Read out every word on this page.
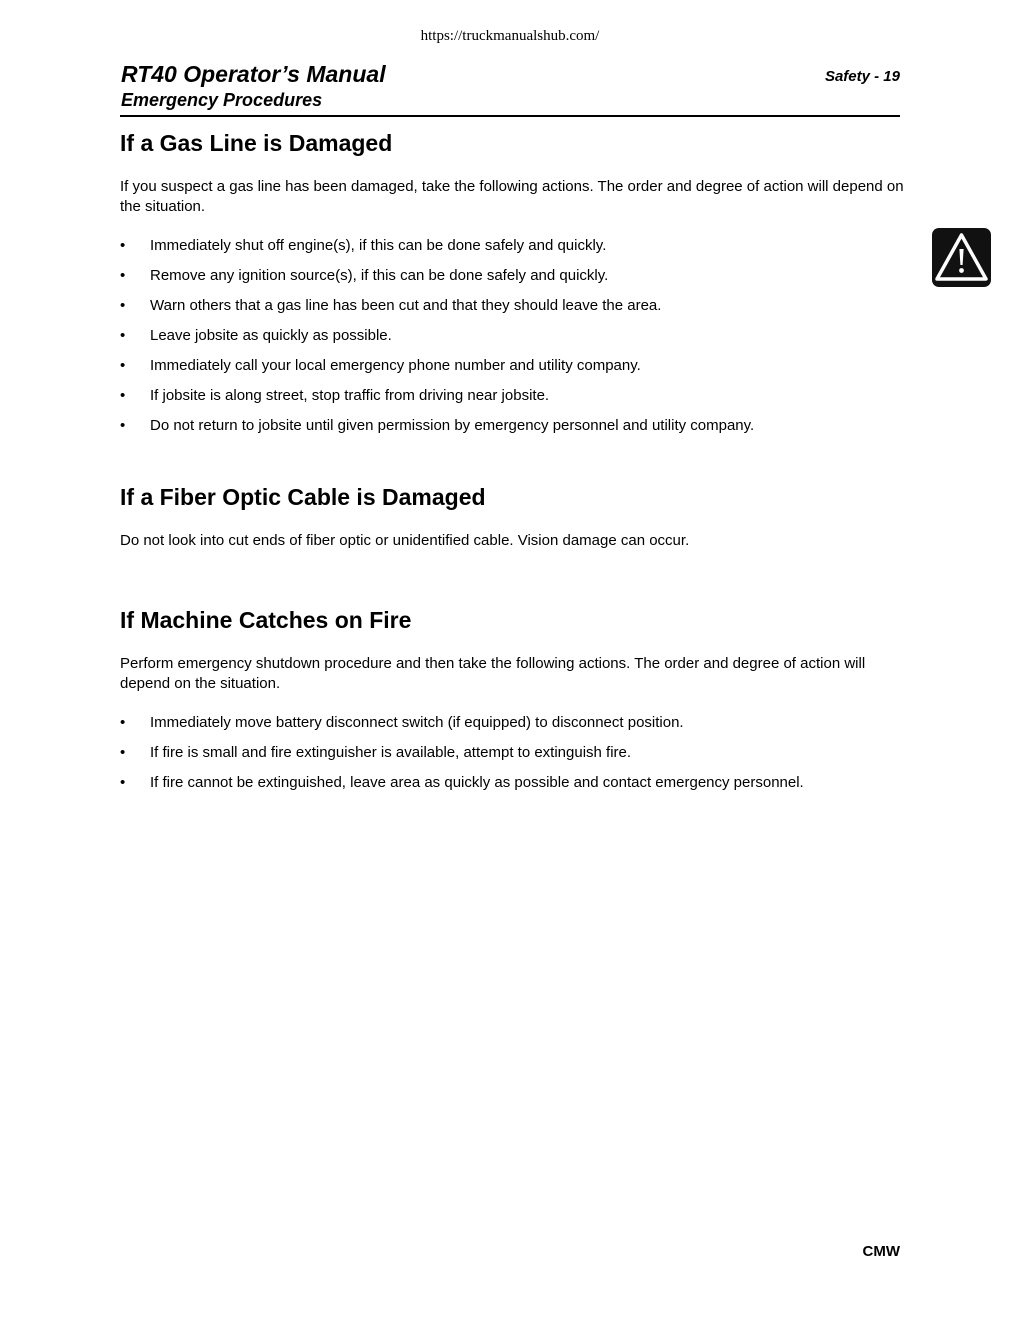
https://truckmanualshub.com/
RT40 Operator’s Manual
Emergency Procedures
Safety - 19
If a Gas Line is Damaged

If you suspect a gas line has been damaged, take the following actions. The order and degree of action will depend on the situation.

• Immediately shut off engine(s), if this can be done safely and quickly.
• Remove any ignition source(s), if this can be done safely and quickly.
• Warn others that a gas line has been cut and that they should leave the area.
• Leave jobsite as quickly as possible.
• Immediately call your local emergency phone number and utility company.
• If jobsite is along street, stop traffic from driving near jobsite.
• Do not return to jobsite until given permission by emergency personnel and utility company.
If a Fiber Optic Cable is Damaged

Do not look into cut ends of fiber optic or unidentified cable. Vision damage can occur.

If Machine Catches on Fire

Perform emergency shutdown procedure and then take the following actions. The order and degree of action will depend on the situation.

• Immediately move battery disconnect switch (if equipped) to disconnect position.
• If fire is small and fire extinguisher is available, attempt to extinguish fire.
• If fire cannot be extinguished, leave area as quickly as possible and contact emergency personnel.
CMW
